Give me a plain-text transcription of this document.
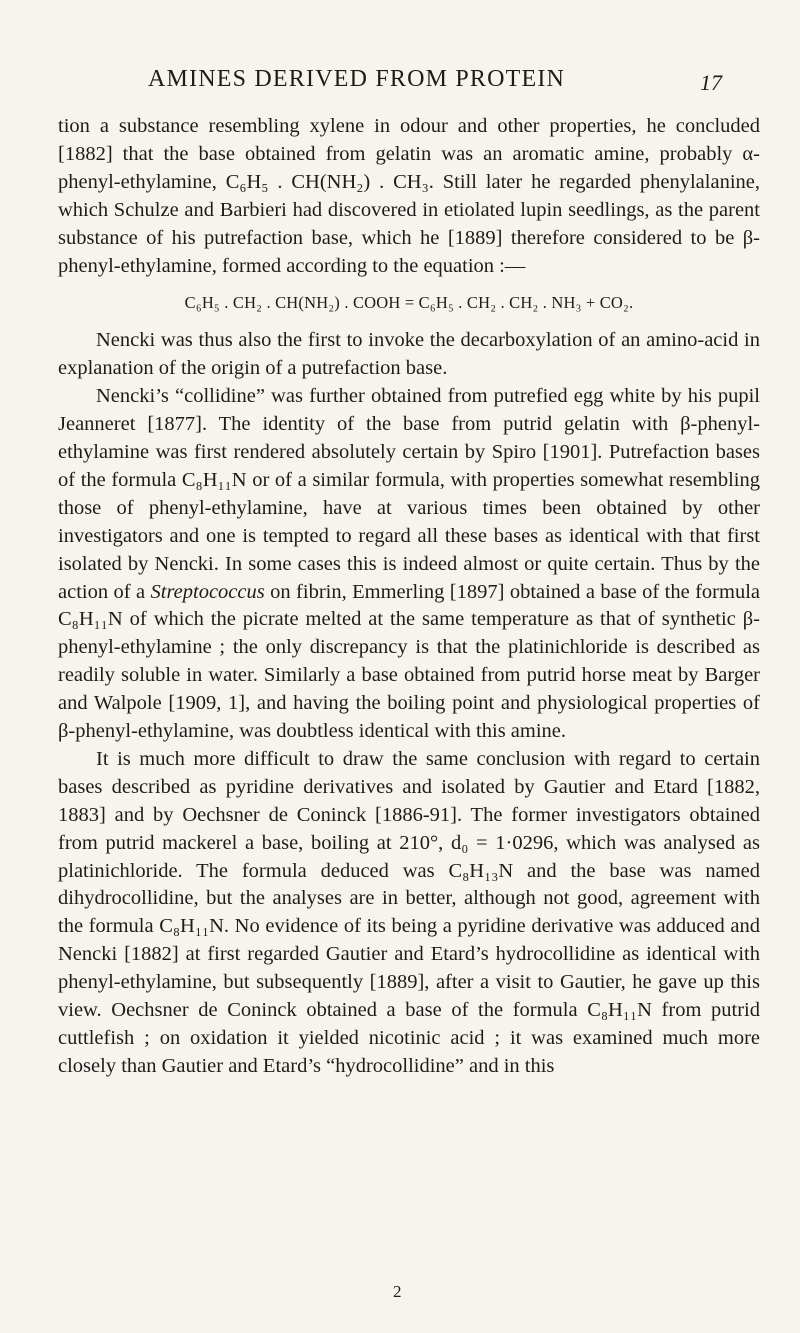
AMINES DERIVED FROM PROTEIN	17

tion a substance resembling xylene in odour and other properties, he concluded [1882] that the base obtained from gelatin was an aromatic amine, probably α-phenyl-ethylamine, C₆H₅ . CH(NH₂) . CH₃. Still later he regarded phenylalanine, which Schulze and Barbieri had discovered in etiolated lupin seedlings, as the parent substance of his putrefaction base, which he [1889] therefore considered to be β-phenyl-ethylamine, formed according to the equation :—

C₆H₅ . CH₂ . CH(NH₂) . COOH = C₆H₅ . CH₂ . CH₂ . NH₃ + CO₂.

Nencki was thus also the first to invoke the decarboxylation of an amino-acid in explanation of the origin of a putrefaction base.

Nencki’s “collidine” was further obtained from putrefied egg white by his pupil Jeanneret [1877]. The identity of the base from putrid gelatin with β-phenyl-ethylamine was first rendered absolutely certain by Spiro [1901]. Putrefaction bases of the formula C₈H₁₁N or of a similar formula, with properties somewhat resembling those of phenyl-ethylamine, have at various times been obtained by other investigators and one is tempted to regard all these bases as identical with that first isolated by Nencki. In some cases this is indeed almost or quite certain. Thus by the action of a Streptococcus on fibrin, Emmerling [1897] obtained a base of the formula C₈H₁₁N of which the picrate melted at the same temperature as that of synthetic β-phenyl-ethylamine ; the only discrepancy is that the platinichloride is described as readily soluble in water. Similarly a base obtained from putrid horse meat by Barger and Walpole [1909, 1], and having the boiling point and physiological properties of β-phenyl-ethylamine, was doubtless identical with this amine.

It is much more difficult to draw the same conclusion with regard to certain bases described as pyridine derivatives and isolated by Gautier and Etard [1882, 1883] and by Oechsner de Coninck [1886-91]. The former investigators obtained from putrid mackerel a base, boiling at 210°, d₀ = 1·0296, which was analysed as platinichloride. The formula deduced was C₈H₁₃N and the base was named dihydrocollidine, but the analyses are in better, although not good, agreement with the formula C₈H₁₁N. No evidence of its being a pyridine derivative was adduced and Nencki [1882] at first regarded Gautier and Etard’s hydrocollidine as identical with phenyl-ethylamine, but subsequently [1889], after a visit to Gautier, he gave up this view. Oechsner de Coninck obtained a base of the formula C₈H₁₁N from putrid cuttlefish ; on oxidation it yielded nicotinic acid ; it was examined much more closely than Gautier and Etard’s “hydrocollidine” and in this

2
